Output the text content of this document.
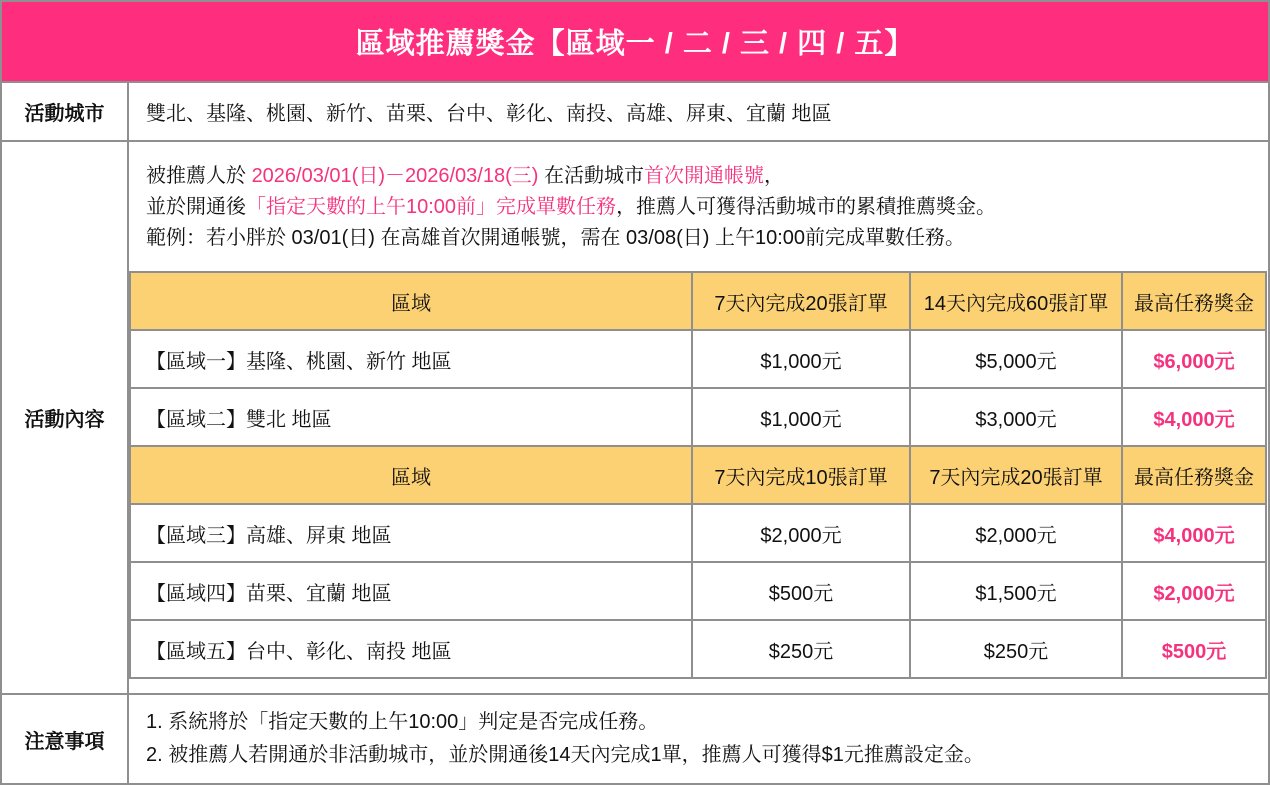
區域推薦獎金【區域一 / 二 / 三 / 四 / 五】
活動城市	雙北、基隆、桃園、新竹、苗栗、台中、彰化、南投、高雄、屏東、宜蘭 地區
活動內容

被推薦人於 2026/03/01(日)－2026/03/18(三) 在活動城市首次開通帳號，

並於開通後「指定天數的上午10:00前」完成單數任務，推薦人可獲得活動城市的累積推薦獎金。

範例：若小胖於 03/01(日) 在高雄首次開通帳號，需在 03/08(日) 上午10:00前完成單數任務。

區域	7天內完成20張訂單	14天內完成60張訂單	最高任務獎金
【區域一】基隆、桃園、新竹 地區	$1,000元	$5,000元	$6,000元
【區域二】雙北 地區	$1,000元	$3,000元	$4,000元
區域	7天內完成10張訂單	7天內完成20張訂單	最高任務獎金
【區域三】高雄、屏東 地區	$2,000元	$2,000元	$4,000元
【區域四】苗栗、宜蘭 地區	$500元	$1,500元	$2,000元
【區域五】台中、彰化、南投 地區	$250元	$250元	$500元
注意事項

1. 系統將於「指定天數的上午10:00」判定是否完成任務。

2. 被推薦人若開通於非活動城市，並於開通後14天內完成1單，推薦人可獲得$1元推薦設定金。
